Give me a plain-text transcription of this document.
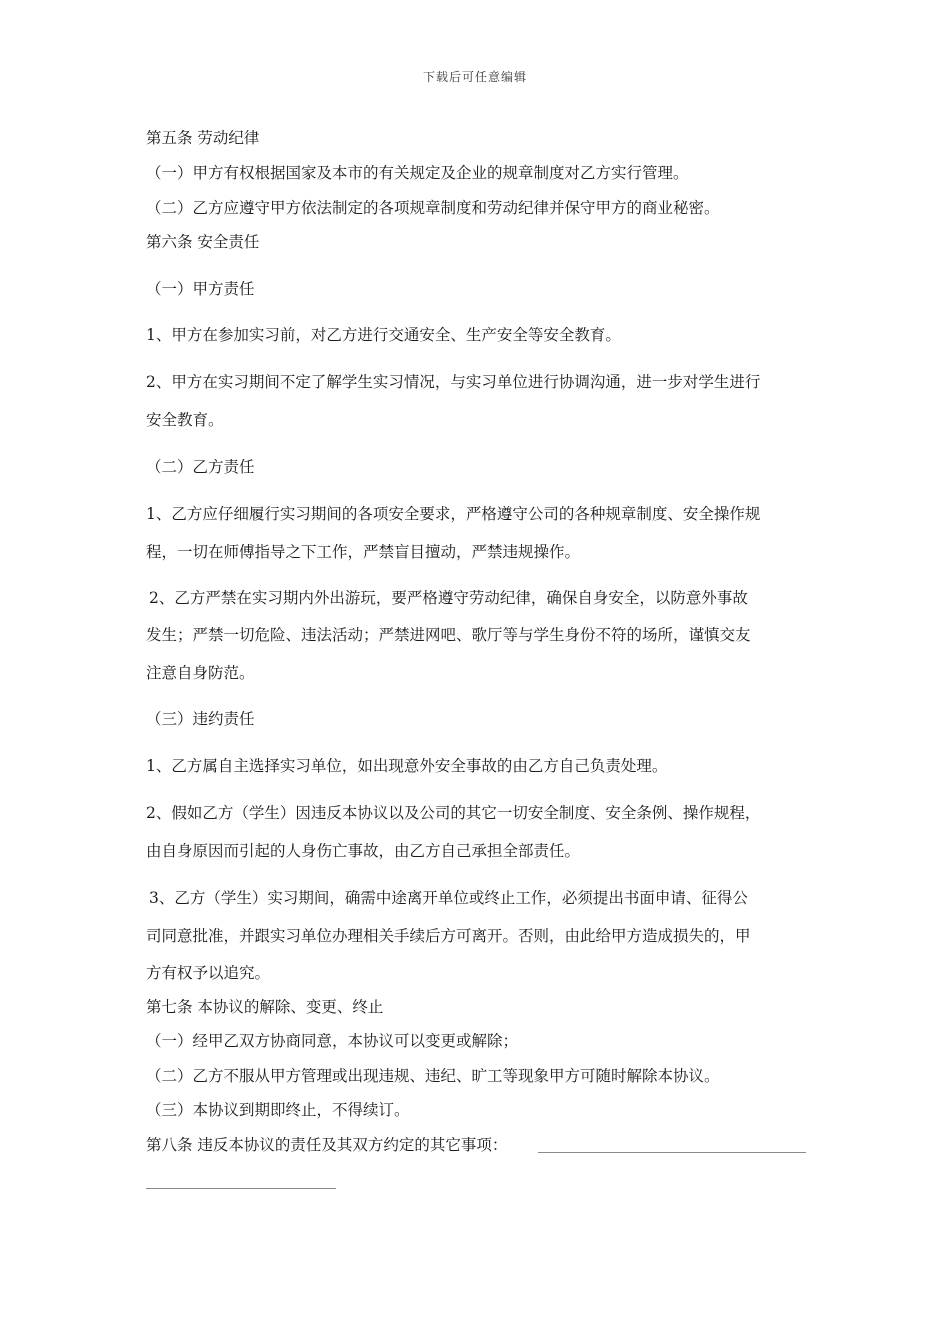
下载后可任意编辑
第五条 劳动纪律
（一）甲方有权根据国家及本市的有关规定及企业的规章制度对乙方实行管理。
（二）乙方应遵守甲方依法制定的各项规章制度和劳动纪律并保守甲方的商业秘密。
第六条 安全责任
（一）甲方责任
1、甲方在参加实习前，对乙方进行交通安全、生产安全等安全教育。
2、甲方在实习期间不定了解学生实习情况，与实习单位进行协调沟通，进一步对学生进行
安全教育。
（二）乙方责任
1、乙方应仔细履行实习期间的各项安全要求，严格遵守公司的各种规章制度、安全操作规
程，一切在师傅指导之下工作，严禁盲目擅动，严禁违规操作。
2、乙方严禁在实习期内外出游玩，要严格遵守劳动纪律，确保自身安全，以防意外事故
发生；严禁一切危险、违法活动；严禁进网吧、歌厅等与学生身份不符的场所，谨慎交友
注意自身防范。
（三）违约责任
1、乙方属自主选择实习单位，如出现意外安全事故的由乙方自己负责处理。
2、假如乙方（学生）因违反本协议以及公司的其它一切安全制度、安全条例、操作规程，
由自身原因而引起的人身伤亡事故，由乙方自己承担全部责任。
3、乙方（学生）实习期间，确需中途离开单位或终止工作，必须提出书面申请、征得公
司同意批准，并跟实习单位办理相关手续后方可离开。否则，由此给甲方造成损失的，甲
方有权予以追究。
第七条 本协议的解除、变更、终止
（一）经甲乙双方协商同意，本协议可以变更或解除；
（二）乙方不服从甲方管理或出现违规、违纪、旷工等现象甲方可随时解除本协议。
（三）本协议到期即终止，不得续订。
第八条 违反本协议的责任及其双方约定的其它事项：
